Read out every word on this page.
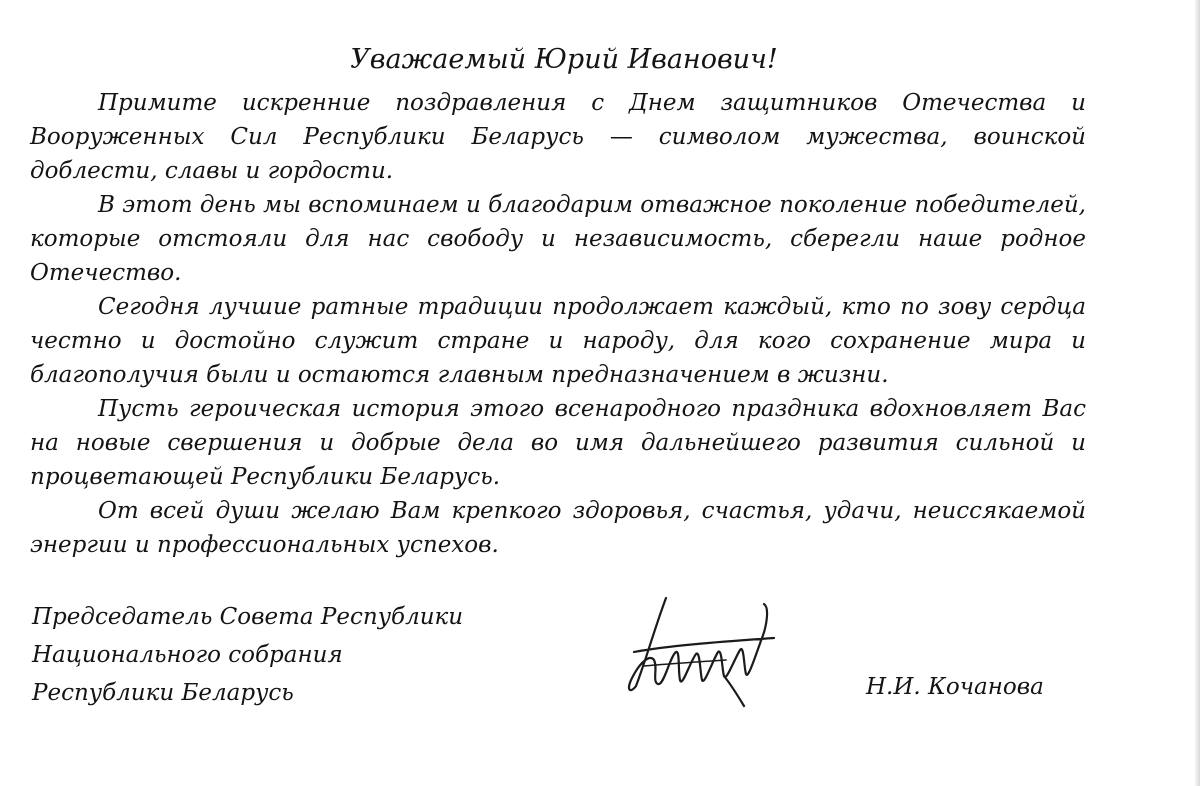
Уважаемый Юрий Иванович!

Примите искренние поздравления с Днем защитников Отечества и Вооруженных Сил Республики Беларусь — символом мужества, воинской доблести, славы и гордости.

В этот день мы вспоминаем и благодарим отважное поколение победителей, которые отстояли для нас свободу и независимость, сберегли наше родное Отечество.

Сегодня лучшие ратные традиции продолжает каждый, кто по зову сердца честно и достойно служит стране и народу, для кого сохранение мира и благополучия были и остаются главным предназначением в жизни.

Пусть героическая история этого всенародного праздника вдохновляет Вас на новые свершения и добрые дела во имя дальнейшего развития сильной и процветающей Республики Беларусь.

От всей души желаю Вам крепкого здоровья, счастья, удачи, неиссякаемой энергии и профессиональных успехов.

Председатель Совета Республики
Национального собрания
Республики Беларусь	Н.И. Кочанова
